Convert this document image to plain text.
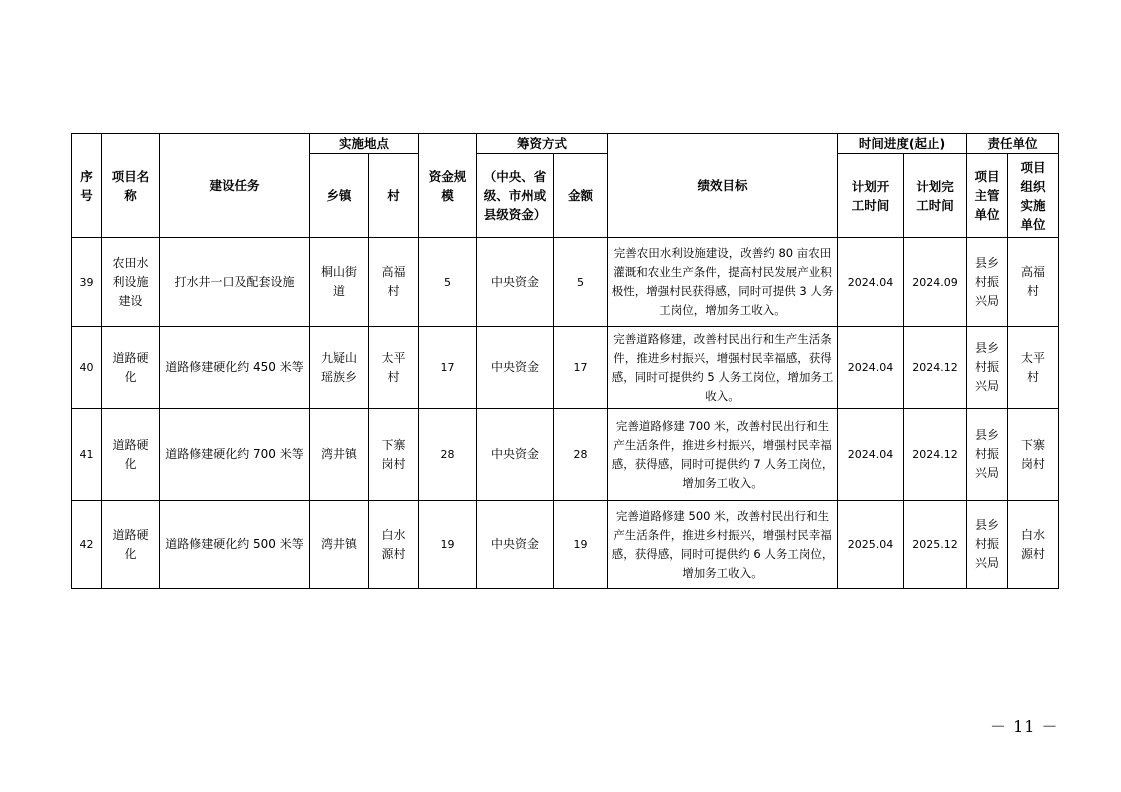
序号	项目名称	建设任务	实施地点		资金规模	筹资方式		绩效目标	时间进度(起止)		责任单位	
			乡镇	村		（中央、省级、市州或县级资金）	金额		计划开工时间	计划完工时间	项目主管单位	项目组织实施单位
39	农田水利设施建设	打水井一口及配套设施	桐山街道	高福村	5	中央资金	5	完善农田水利设施建设，改善约 80 亩农田灌溉和农业生产条件，提高村民发展产业积极性，增强村民获得感，同时可提供 3 人务工岗位，增加务工收入。	2024.04	2024.09	县乡村振兴局	高福村
40	道路硬化	道路修建硬化约 450 米等	九疑山瑶族乡	太平村	17	中央资金	17	完善道路修建，改善村民出行和生产生活条件，推进乡村振兴，增强村民幸福感，获得感，同时可提供约 5 人务工岗位，增加务工收入。	2024.04	2024.12	县乡村振兴局	太平村
41	道路硬化	道路修建硬化约 700 米等	湾井镇	下寨岗村	28	中央资金	28	完善道路修建 700 米，改善村民出行和生产生活条件，推进乡村振兴，增强村民幸福感，获得感，同时可提供约 7 人务工岗位，增加务工收入。	2024.04	2024.12	县乡村振兴局	下寨岗村
42	道路硬化	道路修建硬化约 500 米等	湾井镇	白水源村	19	中央资金	19	完善道路修建 500 米，改善村民出行和生产生活条件，推进乡村振兴，增强村民幸福感，获得感，同时可提供约 6 人务工岗位，增加务工收入。	2025.04	2025.12	县乡村振兴局	白水源村
－ 11 －
